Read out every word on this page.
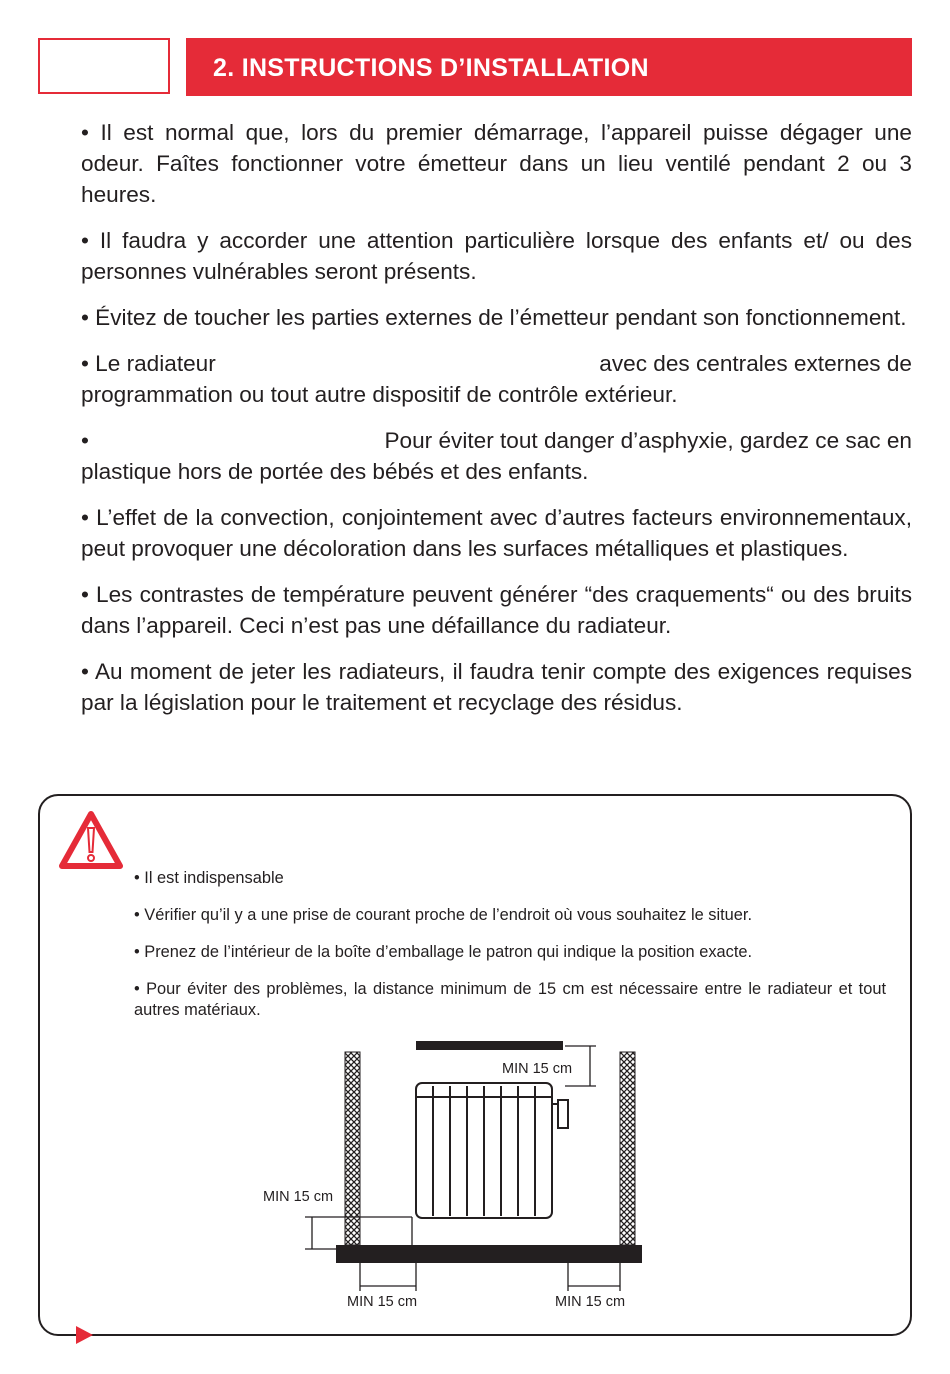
2. INSTRUCTIONS D’INSTALLATION

• Il est normal que, lors du premier démarrage, l’appareil puisse dégager une odeur. Faîtes fonctionner votre émetteur dans un lieu ventilé pendant 2 ou 3 heures.

• Il faudra y accorder une attention particulière lorsque des enfants et/ ou des personnes vulnérables seront présents.

• Évitez de toucher les parties externes de l’émetteur pendant son fonctionnement.

• Le radiateur	avec des centrales externes de
programmation ou tout autre dispositif de contrôle extérieur.

•	Pour éviter tout danger d’asphyxie, gardez ce sac en
plastique hors de portée des bébés et des enfants.

• L’effet de la convection, conjointement avec d’autres facteurs environnementaux, peut provoquer une décoloration dans les surfaces métalliques et plastiques.

• Les contrastes de température peuvent générer “des craquements“ ou des bruits dans l’appareil. Ceci n’est pas une défaillance du radiateur.

• Au moment de jeter les radiateurs, il faudra tenir compte des exigences requises par la législation pour le traitement et recyclage des résidus.

• Il est indispensable

• Vérifier qu’il y a une prise de courant proche de l’endroit où vous souhaitez le situer.

• Prenez de l’intérieur de la boîte d’emballage le patron qui indique la position exacte.

• Pour éviter des problèmes, la distance minimum de 15 cm est nécessaire entre le radiateur et tout autres matériaux.

MIN 15 cm
MIN 15 cm
MIN 15 cm	MIN 15 cm
